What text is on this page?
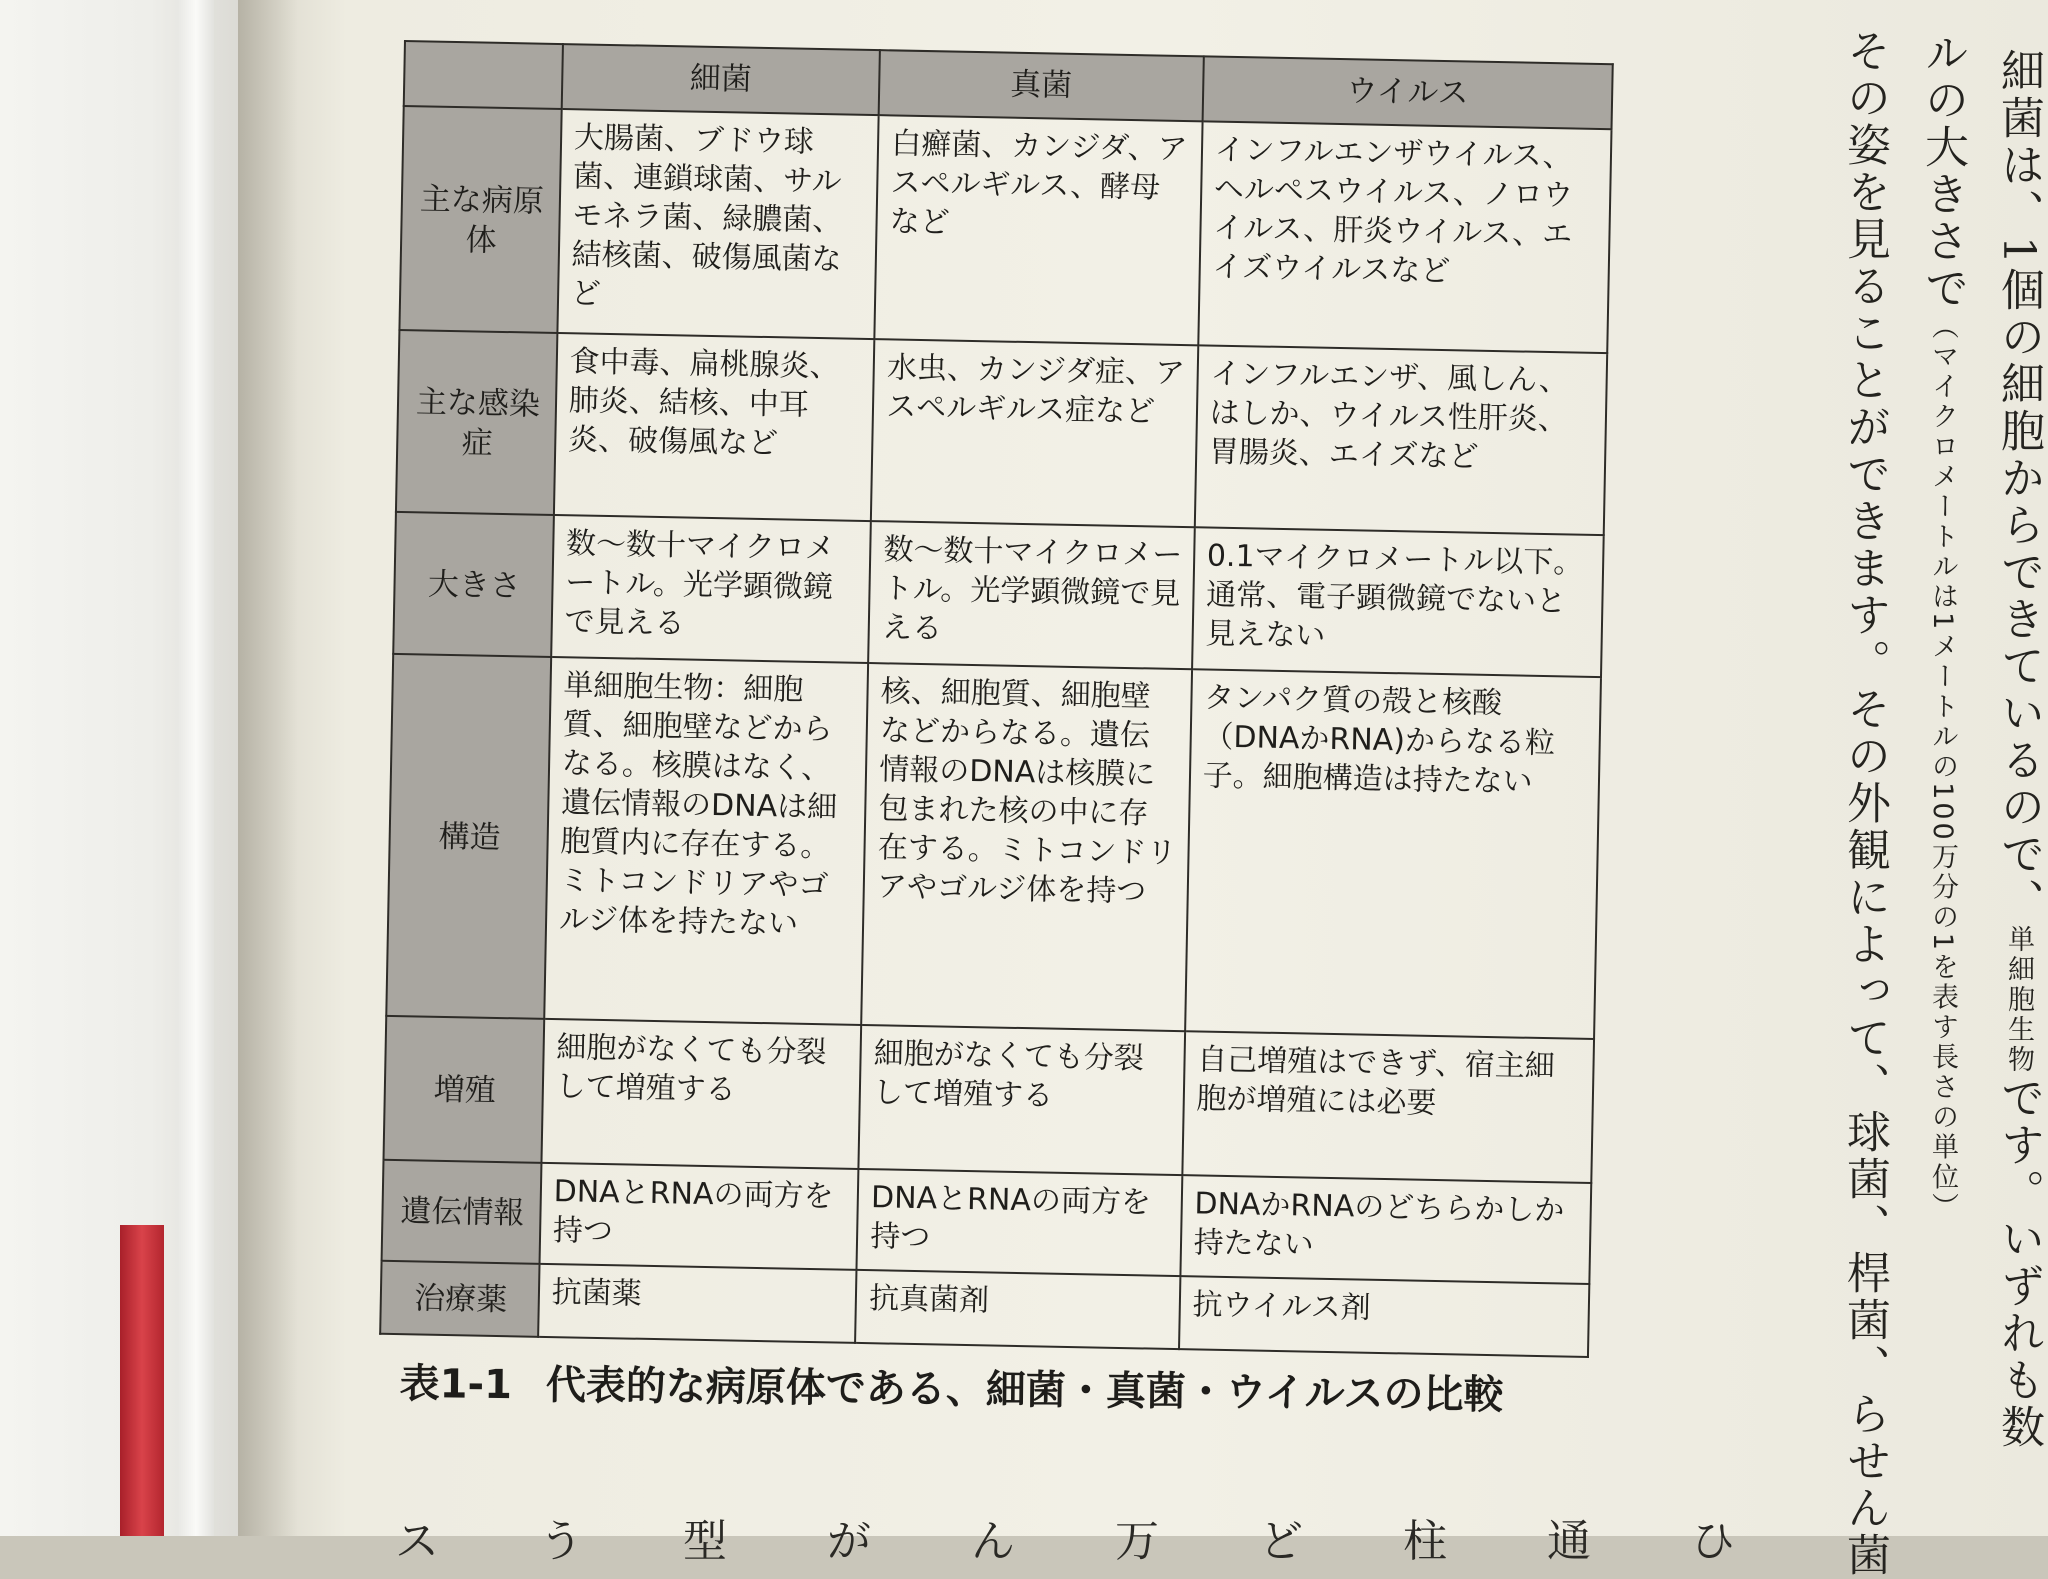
	細菌	真菌	ウイルス
主な病原体	大腸菌、ブドウ球菌、連鎖球菌、サルモネラ菌、緑膿菌、結核菌、破傷風菌など	白癬菌、カンジダ、アスペルギルス、酵母など	インフルエンザウイルス、ヘルペスウイルス、ノロウイルス、肝炎ウイルス、エイズウイルスなど
主な感染症	食中毒、扁桃腺炎、肺炎、結核、中耳炎、破傷風など	水虫、カンジダ症、アスペルギルス症など	インフルエンザ、風しん、はしか、ウイルス性肝炎、胃腸炎、エイズなど
大きさ	数～数十マイクロメートル。光学顕微鏡で見える	数～数十マイクロメートル。光学顕微鏡で見える	0.1マイクロメートル以下。通常、電子顕微鏡でないと見えない
構造	単細胞生物：細胞質、細胞壁などからなる。核膜はなく、遺伝情報のDNAは細胞質内に存在する。ミトコンドリアやゴルジ体を持たない	核、細胞質、細胞壁などからなる。遺伝情報のDNAは核膜に包まれた核の中に存在する。ミトコンドリアやゴルジ体を持つ	タンパク質の殻と核酸（DNAかRNA)からなる粒子。細胞構造は持たない
増殖	細胞がなくても分裂して増殖する	細胞がなくても分裂して増殖する	自己増殖はできず、宿主細胞が増殖には必要
遺伝情報	DNAとRNAの両方を持つ	DNAとRNAの両方を持つ	DNAかRNAのどちらかしか持たない
治療薬	抗菌薬	抗真菌剤	抗ウイルス剤
表1-1 代表的な病原体である、細菌・真菌・ウイルスの比較
ス　う　型　が　ん　万　ど　柱　通　ひ
細菌は、1個の細胞からできているので、単細胞生物です。いずれも数
ルの大きさで（マイクロメートルは1メートルの100万分の1を表す長さの単位）
その姿を見ることができます。その外観によって、球菌、桿菌、らせん菌
